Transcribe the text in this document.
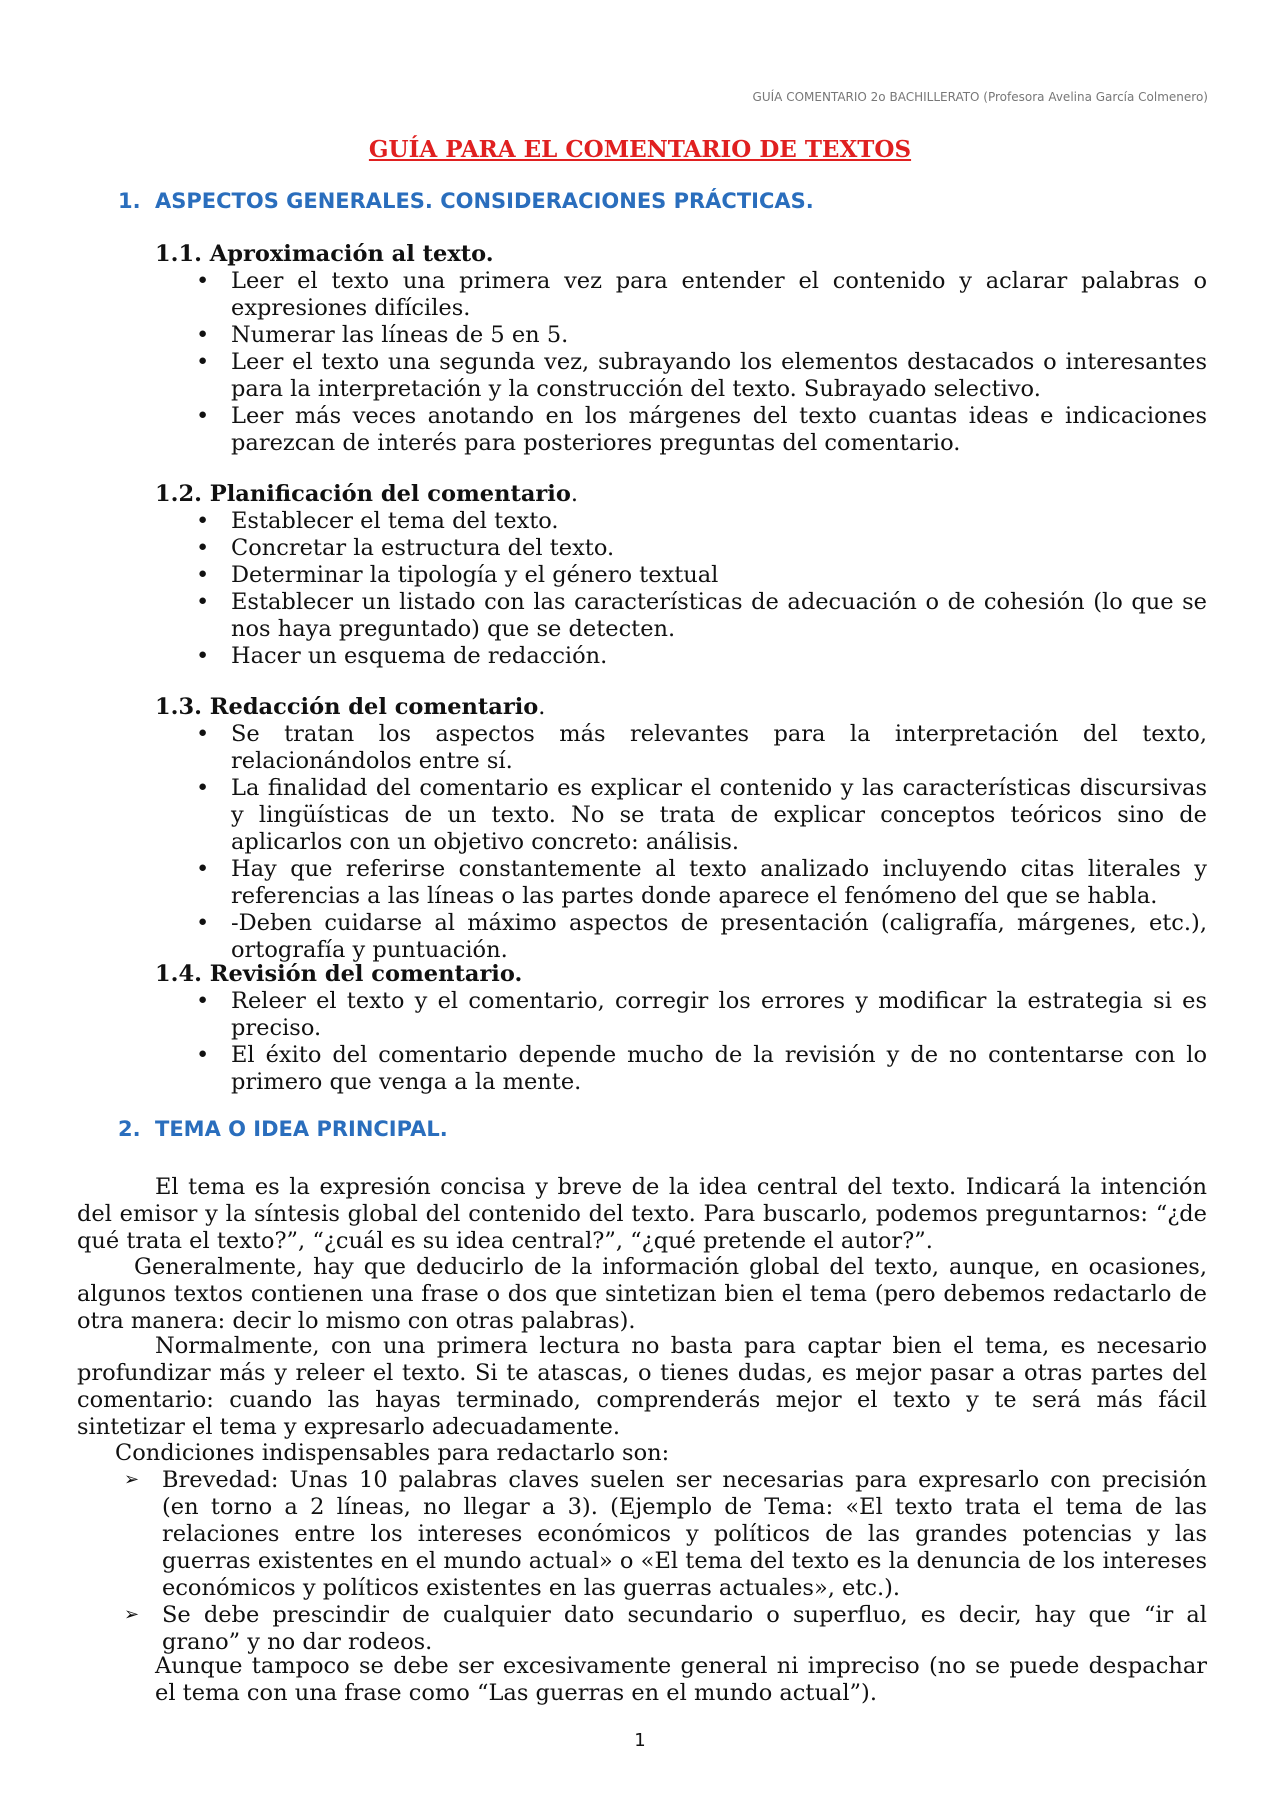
GUÍA COMENTARIO 2o BACHILLERATO (Profesora Avelina García Colmenero)
GUÍA PARA EL COMENTARIO DE TEXTOS
1. ASPECTOS GENERALES. CONSIDERACIONES PRÁCTICAS.
1.1. Aproximación al texto.
• Leer el texto una primera vez para entender el contenido y aclarar palabras o expresiones difíciles.
• Numerar las líneas de 5 en 5.
• Leer el texto una segunda vez, subrayando los elementos destacados o interesantes para la interpretación y la construcción del texto. Subrayado selectivo.
• Leer más veces anotando en los márgenes del texto cuantas ideas e indicaciones parezcan de interés para posteriores preguntas del comentario.
1.2. Planificación del comentario.
• Establecer el tema del texto.
• Concretar la estructura del texto.
• Determinar la tipología y el género textual
• Establecer un listado con las características de adecuación o de cohesión (lo que se nos haya preguntado) que se detecten.
• Hacer un esquema de redacción.
1.3. Redacción del comentario.
• Se tratan los aspectos más relevantes para la interpretación del texto, relacionándolos entre sí.
• La finalidad del comentario es explicar el contenido y las características discursivas y lingüísticas de un texto. No se trata de explicar conceptos teóricos sino de aplicarlos con un objetivo concreto: análisis.
• Hay que referirse constantemente al texto analizado incluyendo citas literales y referencias a las líneas o las partes donde aparece el fenómeno del que se habla.
• -Deben cuidarse al máximo aspectos de presentación (caligrafía, márgenes, etc.), ortografía y puntuación.
1.4. Revisión del comentario.
• Releer el texto y el comentario, corregir los errores y modificar la estrategia si es preciso.
• El éxito del comentario depende mucho de la revisión y de no contentarse con lo primero que venga a la mente.
2. TEMA O IDEA PRINCIPAL.
El tema es la expresión concisa y breve de la idea central del texto. Indicará la intención del emisor y la síntesis global del contenido del texto. Para buscarlo, podemos preguntarnos: “¿de qué trata el texto?”, “¿cuál es su idea central?”, “¿qué pretende el autor?”.
Generalmente, hay que deducirlo de la información global del texto, aunque, en ocasiones, algunos textos contienen una frase o dos que sintetizan bien el tema (pero debemos redactarlo de otra manera: decir lo mismo con otras palabras).
Normalmente, con una primera lectura no basta para captar bien el tema, es necesario profundizar más y releer el texto. Si te atascas, o tienes dudas, es mejor pasar a otras partes del comentario: cuando las hayas terminado, comprenderás mejor el texto y te será más fácil sintetizar el tema y expresarlo adecuadamente.
Condiciones indispensables para redactarlo son:
➢ Brevedad: Unas 10 palabras claves suelen ser necesarias para expresarlo con precisión (en torno a 2 líneas, no llegar a 3). (Ejemplo de Tema: «El texto trata el tema de las relaciones entre los intereses económicos y políticos de las grandes potencias y las guerras existentes en el mundo actual» o «El tema del texto es la denuncia de los intereses económicos y políticos existentes en las guerras actuales», etc.).
➢ Se debe prescindir de cualquier dato secundario o superfluo, es decir, hay que “ir al grano” y no dar rodeos.
Aunque tampoco se debe ser excesivamente general ni impreciso (no se puede despachar el tema con una frase como “Las guerras en el mundo actual”).
1
